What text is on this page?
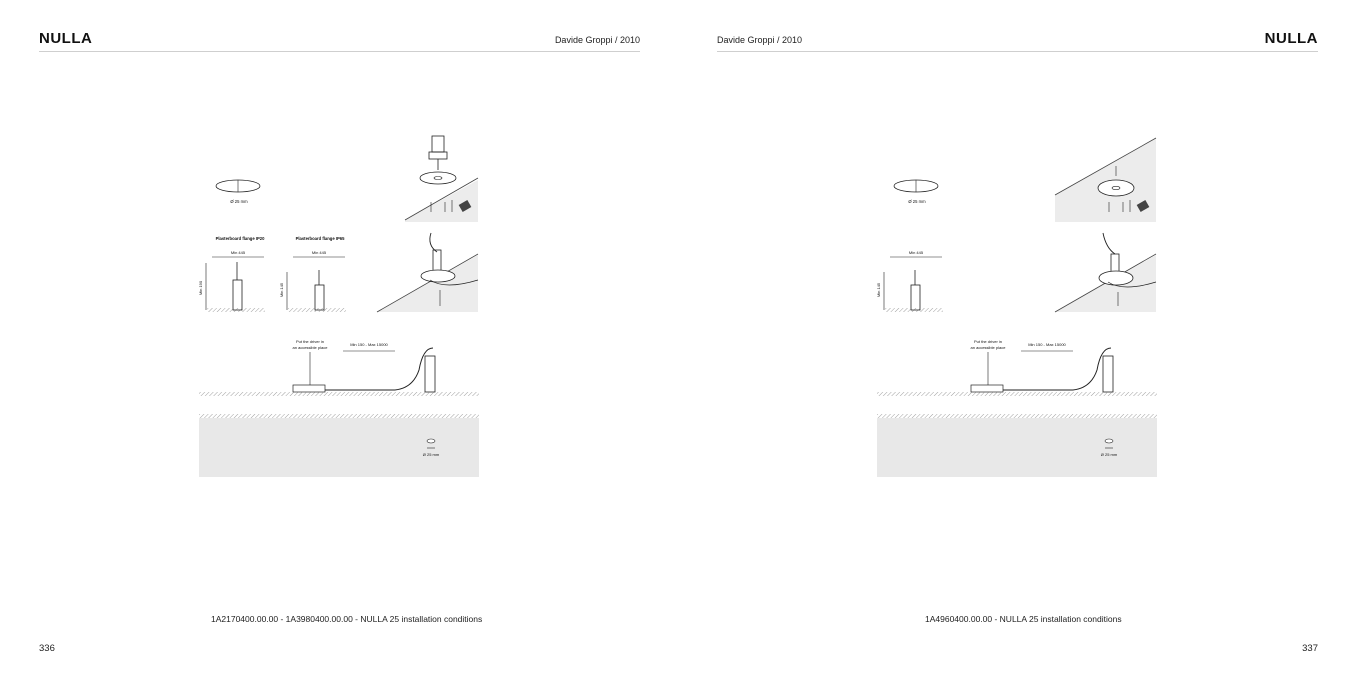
NULLA	Davide Groppi / 2010
Ø 25 mm
Plasterboard flange IP20
Min 445
Min 190
Plasterboard flange IP65
Min 445
Min 145
Put the driver in
an accessible place
Min 150 - Max 15000
Ø 25 mm
1A2170400.00.00 - 1A3980400.00.00 - NULLA 25 installation conditions
336
Davide Groppi / 2010	NULLA
Ø 25 mm
Min 445
Min 145
Put the driver in
an accessible place
Min 150 - Max 15000
Ø 25 mm
1A4960400.00.00 - NULLA 25 installation conditions
337
